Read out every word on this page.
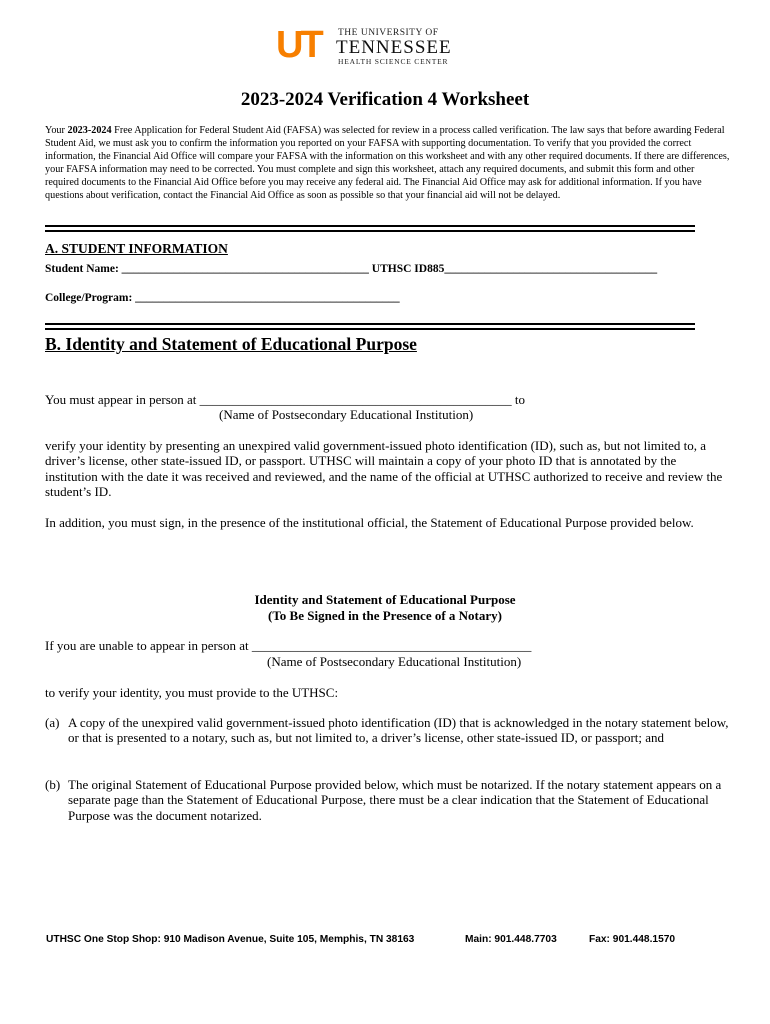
UT THE UNIVERSITY OF
TENNESSEE
HEALTH SCIENCE CENTER
2023-2024 Verification 4 Worksheet
Your 2023-2024 Free Application for Federal Student Aid (FAFSA) was selected for review in a process called verification. The law says that before awarding Federal Student Aid, we must ask you to confirm the information you reported on your FAFSA with supporting documentation. To verify that you provided the correct information, the Financial Aid Office will compare your FAFSA with the information on this worksheet and with any other required documents. If there are differences, your FAFSA information may need to be corrected. You must complete and sign this worksheet, attach any required documents, and submit this form and other required documents to the Financial Aid Office before you may receive any federal aid. The Financial Aid Office may ask for additional information. If you have questions about verification, contact the Financial Aid Office as soon as possible so that your financial aid will not be delayed.
A. STUDENT INFORMATION
Student Name: ___________________________________________ UTHSC ID885_____________________________________
College/Program: ______________________________________________
B. Identity and Statement of Educational Purpose
You must appear in person at ________________________________________________ to
(Name of Postsecondary Educational Institution)
verify your identity by presenting an unexpired valid government-issued photo identification (ID), such as, but not limited to, a driver’s license, other state-issued ID, or passport. UTHSC will maintain a copy of your photo ID that is annotated by the institution with the date it was received and reviewed, and the name of the official at UTHSC authorized to receive and review the student’s ID.
In addition, you must sign, in the presence of the institutional official, the Statement of Educational Purpose provided below.
Identity and Statement of Educational Purpose
(To Be Signed in the Presence of a Notary)
If you are unable to appear in person at ___________________________________________
(Name of Postsecondary Educational Institution)
to verify your identity, you must provide to the UTHSC:
(a) A copy of the unexpired valid government-issued photo identification (ID) that is acknowledged in the notary statement below, or that is presented to a notary, such as, but not limited to, a driver’s license, other state-issued ID, or passport; and
(b) The original Statement of Educational Purpose provided below, which must be notarized. If the notary statement appears on a separate page than the Statement of Educational Purpose, there must be a clear indication that the Statement of Educational Purpose was the document notarized.
UTHSC One Stop Shop: 910 Madison Avenue, Suite 105, Memphis, TN 38163	Main: 901.448.7703	Fax: 901.448.1570
